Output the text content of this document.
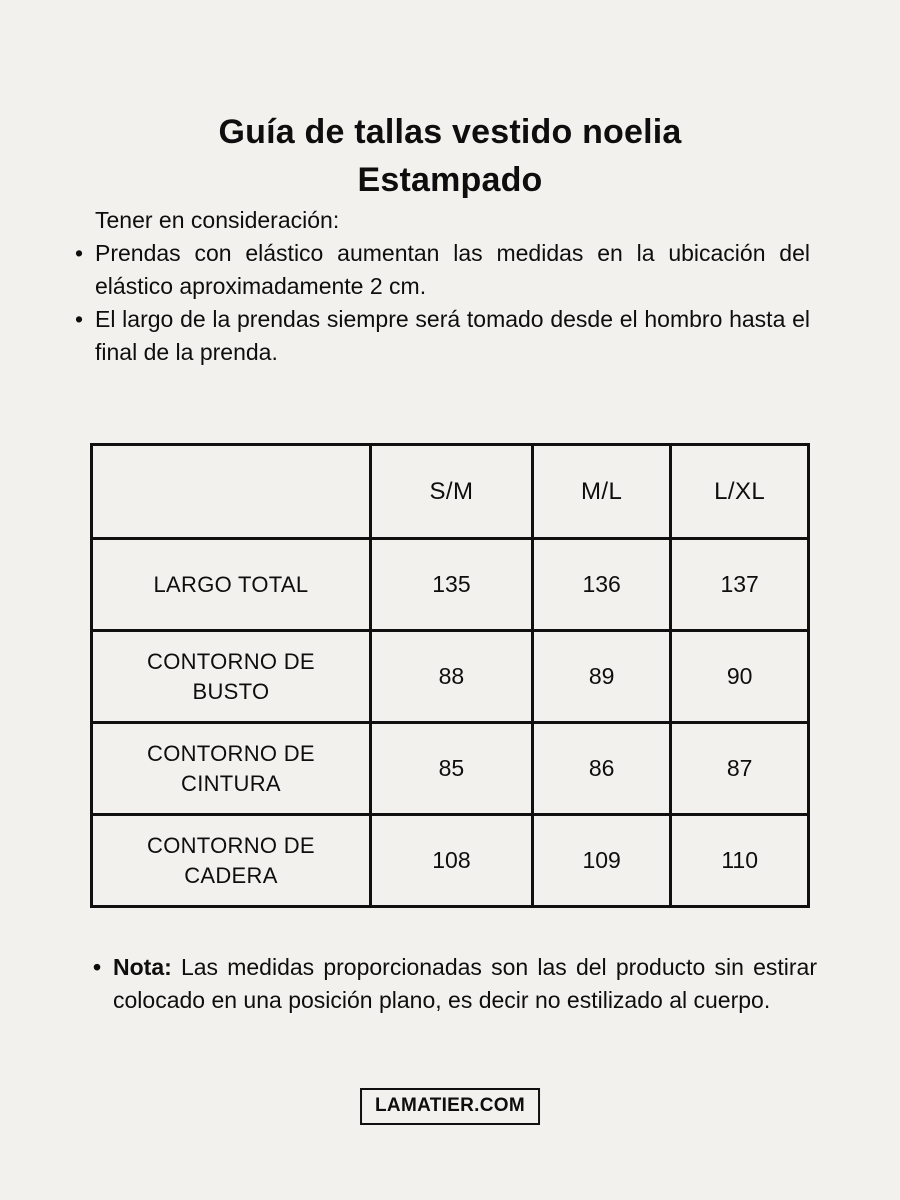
Guía de tallas vestido noelia
Estampado

Tener en consideración:

• Prendas con elástico aumentan las medidas en la ubicación del elástico aproximadamente 2 cm.
• El largo de la prendas siempre será tomado desde el hombro hasta el final de la prenda.
	S/M	M/L	L/XL
LARGO TOTAL	135	136	137
CONTORNO DE BUSTO	88	89	90
CONTORNO DE CINTURA	85	86	87
CONTORNO DE CADERA	108	109	110

• Nota: Las medidas proporcionadas son las del producto sin estirar colocado en una posición plano, es decir no estilizado al cuerpo.

LAMATIER.COM
